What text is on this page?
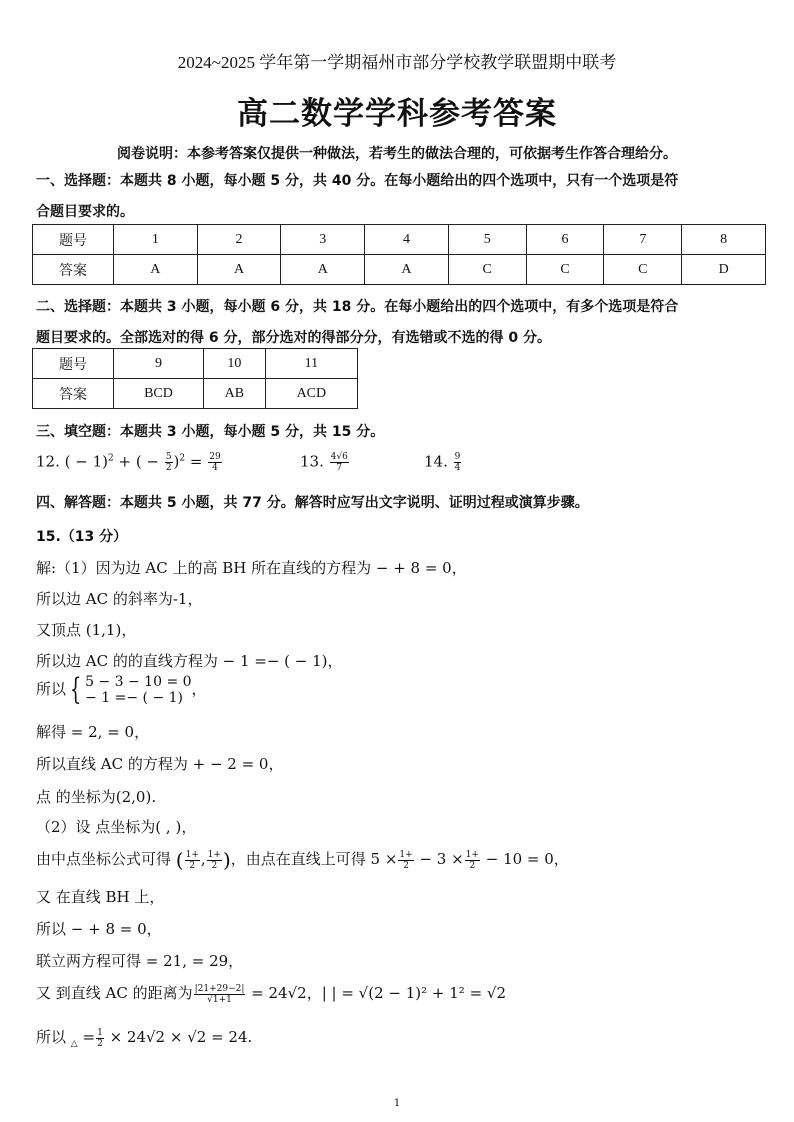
2024~2025 学年第一学期福州市部分学校教学联盟期中联考
高二数学学科参考答案
阅卷说明：本参考答案仅提供一种做法，若考生的做法合理的，可依据考生作答合理给分。
一、选择题：本题共 8 小题，每小题 5 分，共 40 分。在每小题给出的四个选项中，只有一个选项是符
合题目要求的。
题号	1	2	3	4	5	6	7	8
答案	A	A	A	A	C	C	C	D
二、选择题：本题共 3 小题，每小题 6 分，共 18 分。在每小题给出的四个选项中，有多个选项是符合
题目要求的。全部选对的得 6 分，部分选对的得部分分，有选错或不选的得 0 分。
题号	9	10	11
答案	BCD	AB	ACD
三、填空题：本题共 3 小题，每小题 5 分，共 15 分。
12. ( − 1)$^2$ + ( − $\frac{5}{2} )^2 = \frac{29}{4}$	13. $\frac{4√6}{7}$	14. $\frac{9}{4}$
四、解答题：本题共 5 小题，共 77 分。解答时应写出文字说明、证明过程或演算步骤。
15.（13 分）
解:（1）因为边 AC 上的高 BH 所在直线的方程为 − + 8 = 0，
所以边 AC 的斜率为-1，
又顶点 (1,1)，
所以边 AC 的的直线方程为 − 1 =− ( − 1)，
所以 { 5 − 3 − 10 = 0
− 1 =− ( − 1) ，
解得 = 2, = 0，
所以直线 AC 的方程为 + − 2 = 0，
点 的坐标为(2,0).
（2）设 点坐标为( , )，
由中点坐标公式可得 ( $\frac{1+}{2}$ , $\frac{1+}{2}$ )，由点在直线上可得 $5 \times \frac{1+}{2} - 3 \times \frac{1+}{2} - 10 = 0$，
又 在直线 BH 上，
所以 − + 8 = 0，
联立两方程可得 = 21, = 29，
又 到直线 AC 的距离为 $\frac{|21+29-2|}{√1+1} = 24√2$，| | = √(2 − 1)² + 1² = √2
所以 $_\triangle = \frac{1}{2} \times 24√2 \times √2 = 24$.
1
